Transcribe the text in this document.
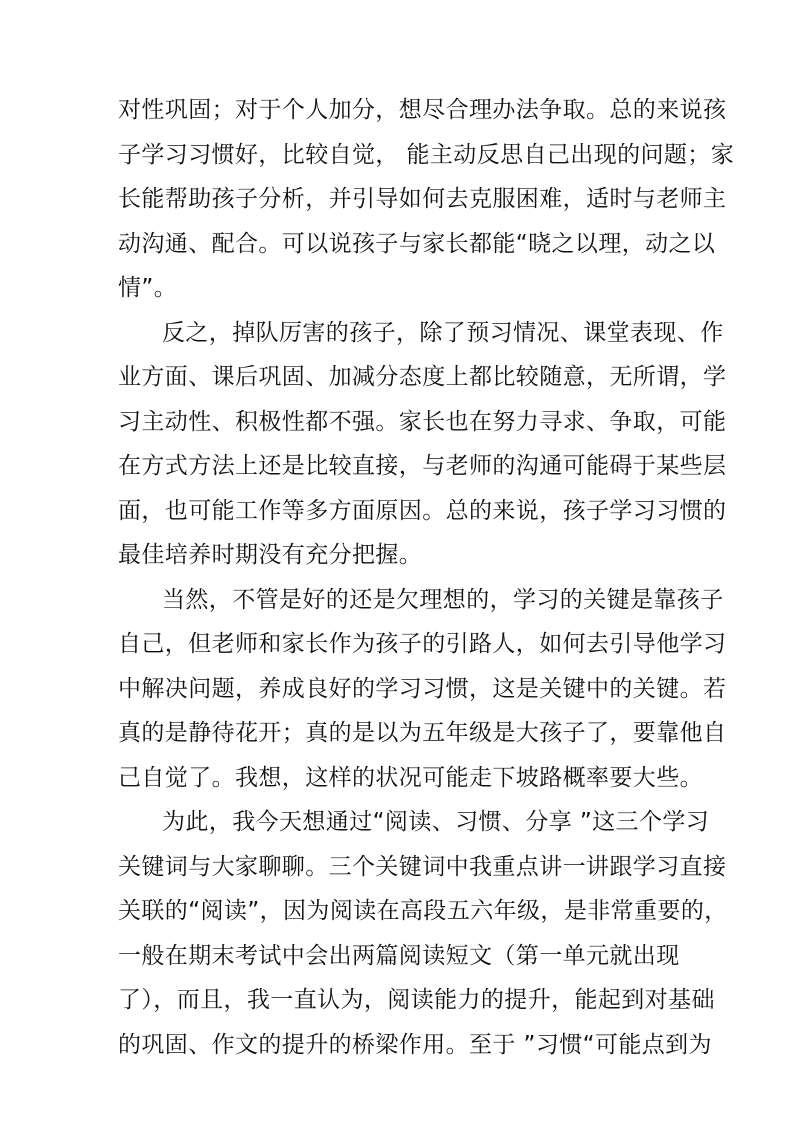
对性巩固；对于个人加分，想尽合理办法争取。总的来说孩
子学习习惯好，比较自觉， 能主动反思自己出现的问题；家
长能帮助孩子分析，并引导如何去克服困难，适时与老师主
动沟通、配合。可以说孩子与家长都能“晓之以理，动之以
情”。
反之，掉队厉害的孩子，除了预习情况、课堂表现、作
业方面、课后巩固、加减分态度上都比较随意，无所谓，学
习主动性、积极性都不强。家长也在努力寻求、争取，可能
在方式方法上还是比较直接，与老师的沟通可能碍于某些层
面，也可能工作等多方面原因。总的来说，孩子学习习惯的
最佳培养时期没有充分把握。
当然，不管是好的还是欠理想的，学习的关键是靠孩子
自己，但老师和家长作为孩子的引路人，如何去引导他学习
中解决问题，养成良好的学习习惯，这是关键中的关键。若
真的是静待花开；真的是以为五年级是大孩子了，要靠他自
己自觉了。我想，这样的状况可能走下坡路概率要大些。
为此，我今天想通过“阅读、习惯、分享 ”这三个学习
关键词与大家聊聊。三个关键词中我重点讲一讲跟学习直接
关联的“阅读”，因为阅读在高段五六年级，是非常重要的，
一般在期末考试中会出两篇阅读短文（第一单元就出现
了），而且，我一直认为，阅读能力的提升，能起到对基础
的巩固、作文的提升的桥梁作用。至于 ”习惯“可能点到为
